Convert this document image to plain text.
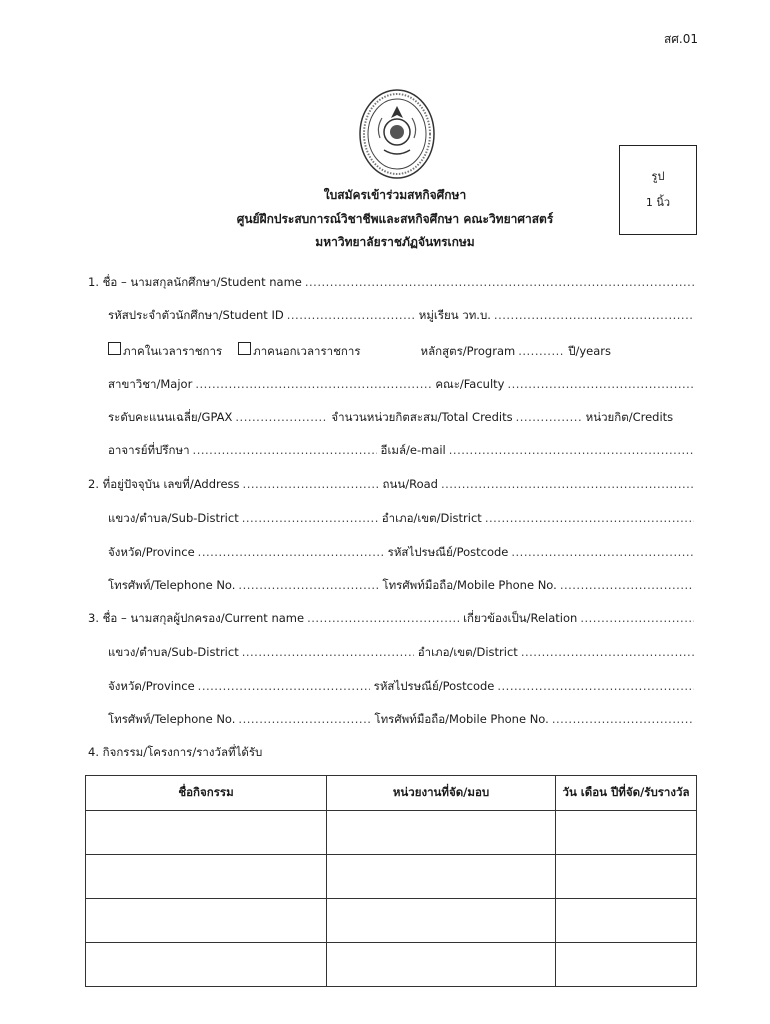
สศ.01
รูป
1 นิ้ว
ใบสมัครเข้าร่วมสหกิจศึกษา
ศูนย์ฝึกประสบการณ์วิชาชีพและสหกิจศึกษา คณะวิทยาศาสตร์
มหาวิทยาลัยราชภัฏจันทรเกษม
1. ชื่อ – นามสกุลนักศึกษา/Student name
.....
รหัสประจำตัวนักศึกษา/Student ID .....	หมู่เรียน วท.บ.
.....
ภาคในเวลาราชการ	ภาคนอกเวลาราชการ	หลักสูตร/Program .....	ปี/years
สาขาวิชา/Major .....	คณะ/Faculty
.....
ระดับคะแนนเฉลี่ย/GPAX .....	จำนวนหน่วยกิตสะสม/Total Credits .....	หน่วยกิต/Credits
อาจารย์ที่ปรึกษา .....	อีเมล์/e-mail
.....
2. ที่อยู่ปัจจุบัน เลขที่/Address .....	ถนน/Road
.....
แขวง/ตำบล/Sub-District .....	อำเภอ/เขต/District
.....
จังหวัด/Province .....	รหัสไปรษณีย์/Postcode
.....
โทรศัพท์/Telephone No. .....	โทรศัพท์มือถือ/Mobile Phone No.
.....
3. ชื่อ – นามสกุลผู้ปกครอง/Current name .....	เกี่ยวข้องเป็น/Relation
.....
แขวง/ตำบล/Sub-District .....	อำเภอ/เขต/District
.....
จังหวัด/Province .....	รหัสไปรษณีย์/Postcode
.....
โทรศัพท์/Telephone No. .....	โทรศัพท์มือถือ/Mobile Phone No.
.....
4. กิจกรรม/โครงการ/รางวัลที่ได้รับ
ชื่อกิจกรรม	หน่วยงานที่จัด/มอบ	วัน เดือน ปีที่จัด/รับรางวัล
